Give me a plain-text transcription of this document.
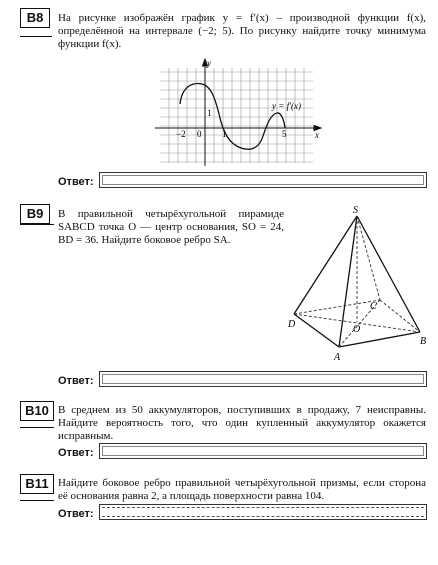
B8	На рисунке изображён график y = f′(x) – производной функции f(x), определённой на интервале (−2; 5). По рисунку найдите точку минимума функции f(x).
−2 0 1	5
1
y
x
y = f′(x)
Ответ:
B9	В правильной четырёхугольной пирамиде SABCD точка O — центр основания, SO = 24, BD = 36. Найдите боковое ребро SA.
S
A
B
C
D	O
Ответ:
B10 В среднем из 50 аккумуляторов, поступивших в продажу, 7 неисправны. Найдите вероятность того, что один купленный аккумулятор окажется исправным.
Ответ:
B11 Найдите боковое ребро правильной четырёхугольной призмы, если сторона её основания равна 2, а площадь поверхности равна 104.
Ответ:
